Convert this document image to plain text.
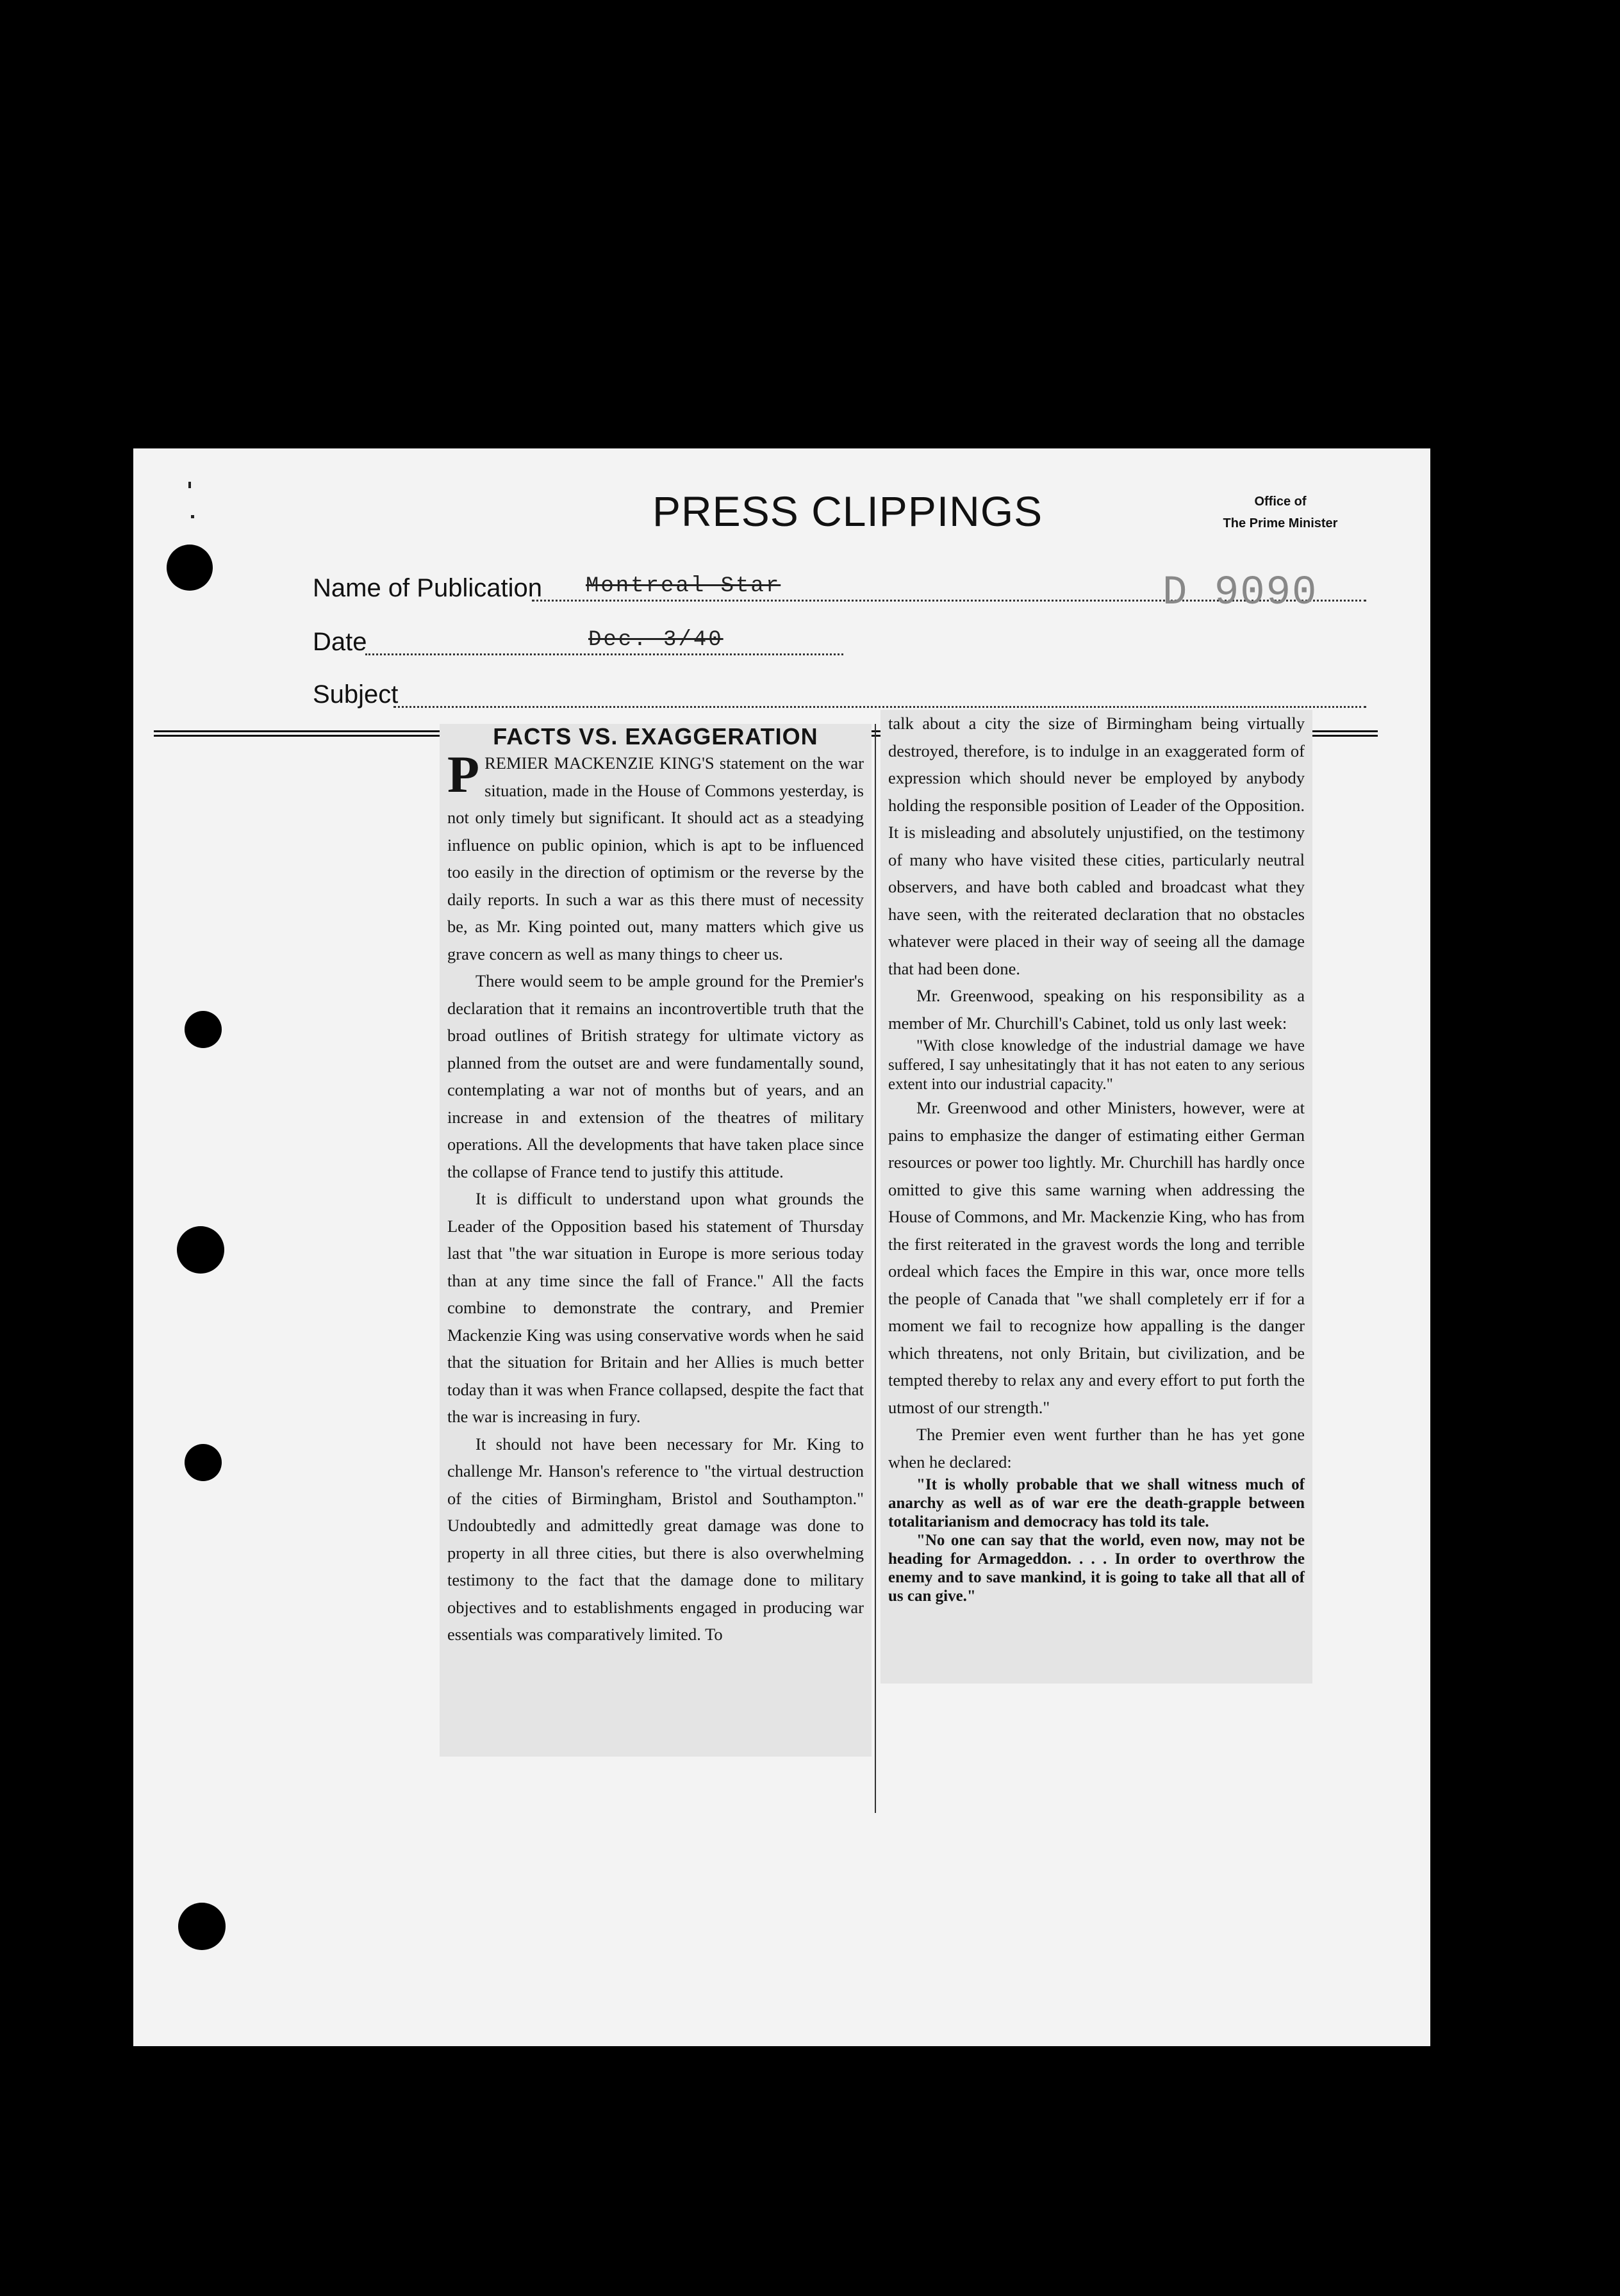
PRESS CLIPPINGS	Office of
The Prime Minister
Name of Publication Montreal Star	D 9090
Date	Dec. 3/40
Subject
FACTS VS. EXAGGERATION

PREMIER MACKENZIE KING'S statement on the war situation, made in the House of Commons yesterday, is not only timely but significant. It should act as a steadying influence on public opinion, which is apt to be influenced too easily in the direction of optimism or the reverse by the daily reports. In such a war as this there must of necessity be, as Mr. King pointed out, many matters which give us grave concern as well as many things to cheer us.

There would seem to be ample ground for the Premier's declaration that it remains an incontrovertible truth that the broad outlines of British strategy for ultimate victory as planned from the outset are and were fundamentally sound, contemplating a war not of months but of years, and an increase in and extension of the theatres of military operations. All the developments that have taken place since the collapse of France tend to justify this attitude.

It is difficult to understand upon what grounds the Leader of the Opposition based his statement of Thursday last that "the war situation in Europe is more serious today than at any time since the fall of France." All the facts combine to demonstrate the contrary, and Premier Mackenzie King was using conservative words when he said that the situation for Britain and her Allies is much better today than it was when France collapsed, despite the fact that the war is increasing in fury.

It should not have been necessary for Mr. King to challenge Mr. Hanson's reference to "the virtual destruction of the cities of Birmingham, Bristol and Southampton." Undoubtedly and admittedly great damage was done to property in all three cities, but there is also overwhelming testimony to the fact that the damage done to military objectives and to establishments engaged in producing war essentials was comparatively limited. To

talk about a city the size of Birmingham being virtually destroyed, therefore, is to indulge in an exaggerated form of expression which should never be employed by anybody holding the responsible position of Leader of the Opposition. It is misleading and absolutely unjustified, on the testimony of many who have visited these cities, particularly neutral observers, and have both cabled and broadcast what they have seen, with the reiterated declaration that no obstacles whatever were placed in their way of seeing all the damage that had been done.

Mr. Greenwood, speaking on his responsibility as a member of Mr. Churchill's Cabinet, told us only last week:

"With close knowledge of the industrial damage we have suffered, I say unhesitatingly that it has not eaten to any serious extent into our industrial capacity."

Mr. Greenwood and other Ministers, however, were at pains to emphasize the danger of estimating either German resources or power too lightly. Mr. Churchill has hardly once omitted to give this same warning when addressing the House of Commons, and Mr. Mackenzie King, who has from the first reiterated in the gravest words the long and terrible ordeal which faces the Empire in this war, once more tells the people of Canada that "we shall completely err if for a moment we fail to recognize how appalling is the danger which threatens, not only Britain, but civilization, and be tempted thereby to relax any and every effort to put forth the utmost of our strength."

The Premier even went further than he has yet gone when he declared:

"It is wholly probable that we shall witness much of anarchy as well as of war ere the death-grapple between totalitarianism and democracy has told its tale.

"No one can say that the world, even now, may not be heading for Armageddon. . . . In order to overthrow the enemy and to save mankind, it is going to take all that all of us can give."
